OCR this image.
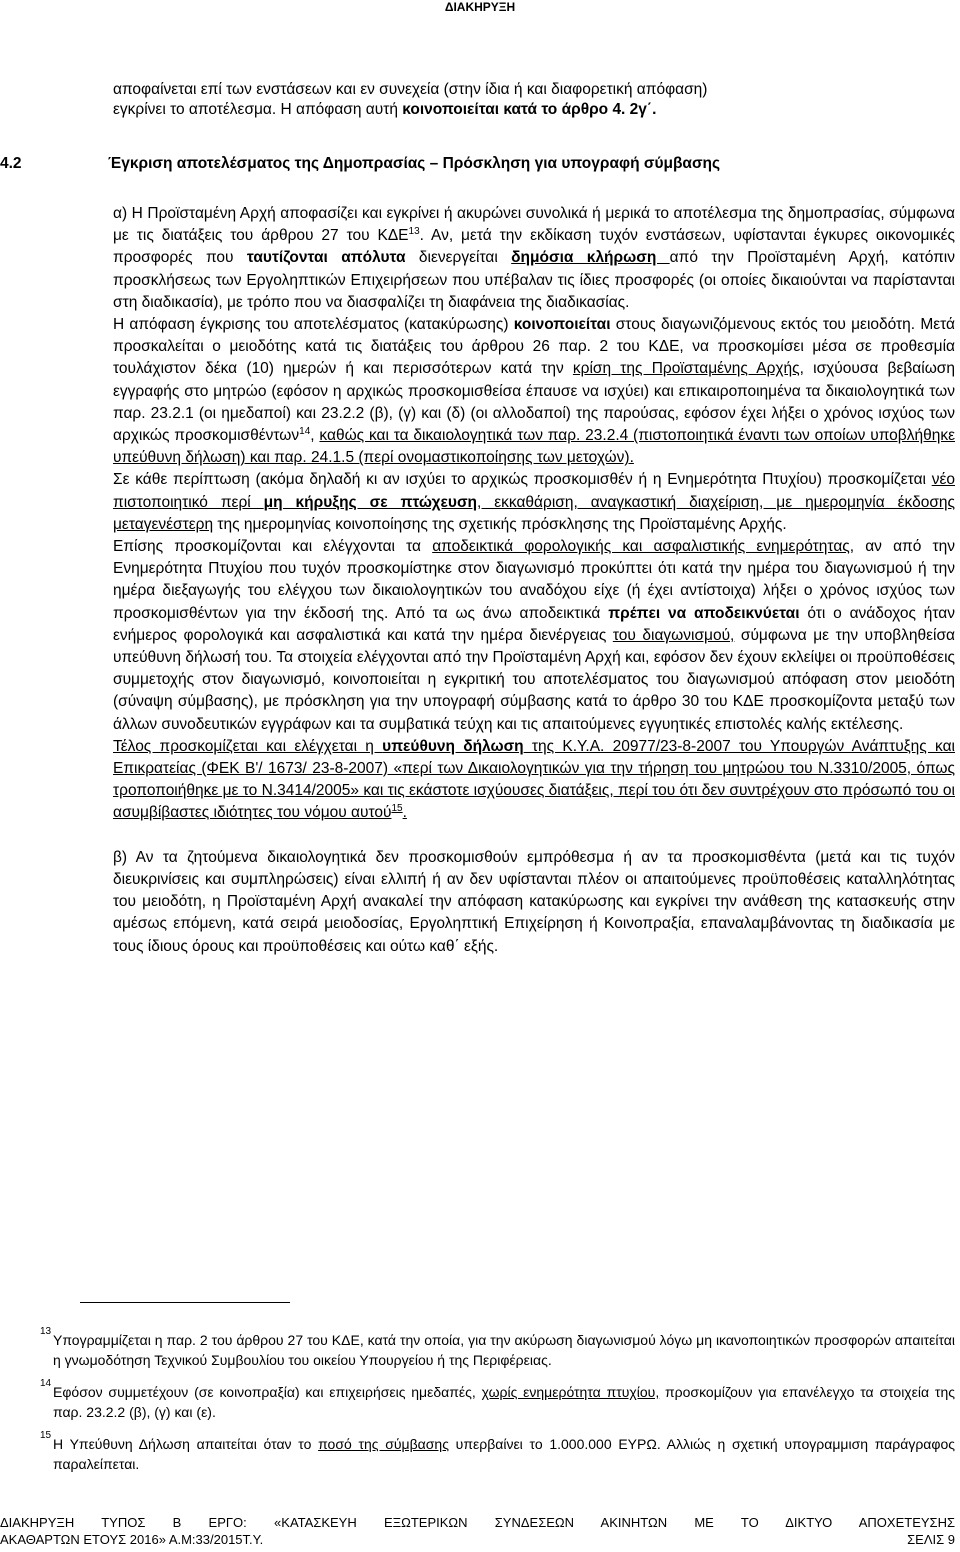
ΔΙΑΚΗΡΥΞΗ
αποφαίνεται επί των ενστάσεων και εν συνεχεία (στην ίδια ή και διαφορετική απόφαση)
εγκρίνει το αποτέλεσμα. Η απόφαση αυτή κοινοποιείται κατά το άρθρο 4. 2γ΄.
4.2	Έγκριση αποτελέσματος της Δημοπρασίας – Πρόσκληση για υπογραφή σύμβασης

α) Η Προϊσταμένη Αρχή αποφασίζει και εγκρίνει ή ακυρώνει συνολικά ή μερικά το αποτέλεσμα της δημοπρασίας, σύμφωνα με τις διατάξεις του άρθρου 27 του ΚΔΕ$^{13}$. Αν, μετά την εκδίκαση τυχόν ενστάσεων, υφίστανται έγκυρες οικονομικές προσφορές που ταυτίζονται απόλυτα διενεργείται δημόσια κλήρωση από την Προϊσταμένη Αρχή, κατόπιν προσκλήσεως των Εργοληπτικών Επιχειρήσεων που υπέβαλαν τις ίδιες προσφορές (οι οποίες δικαιούνται να παρίστανται στη διαδικασία), με τρόπο που να διασφαλίζει τη διαφάνεια της διαδικασίας.

Η απόφαση έγκρισης του αποτελέσματος (κατακύρωσης) κοινοποιείται στους διαγωνιζόμενους εκτός του μειοδότη. Μετά προσκαλείται ο μειοδότης κατά τις διατάξεις του άρθρου 26 παρ. 2 του ΚΔΕ, να προσκομίσει μέσα σε προθεσμία τουλάχιστον δέκα (10) ημερών ή και περισσότερων κατά την κρίση της Προϊσταμένης Αρχής, ισχύουσα βεβαίωση εγγραφής στο μητρώο (εφόσον η αρχικώς προσκομισθείσα έπαυσε να ισχύει) και επικαιροποιημένα τα δικαιολογητικά των παρ. 23.2.1 (οι ημεδαποί) και 23.2.2 (β), (γ) και (δ) (οι αλλοδαποί) της παρούσας, εφόσον έχει λήξει ο χρόνος ισχύος των αρχικώς προσκομισθέντων$^{14}$, καθώς και τα δικαιολογητικά των παρ. 23.2.4 (πιστοποιητικά έναντι των οποίων υποβλήθηκε υπεύθυνη δήλωση) και παρ. 24.1.5 (περί ονομαστικοποίησης των μετοχών).

Σε κάθε περίπτωση (ακόμα δηλαδή κι αν ισχύει το αρχικώς προσκομισθέν ή η Ενημερότητα Πτυχίου) προσκομίζεται νέο πιστοποιητικό περί μη κήρυξης σε πτώχευση, εκκαθάριση, αναγκαστική διαχείριση, με ημερομηνία έκδοσης μεταγενέστερη της ημερομηνίας κοινοποίησης της σχετικής πρόσκλησης της Προϊσταμένης Αρχής.

Επίσης προσκομίζονται και ελέγχονται τα αποδεικτικά φορολογικής και ασφαλιστικής ενημερότητας, αν από την Ενημερότητα Πτυχίου που τυχόν προσκομίστηκε στον διαγωνισμό προκύπτει ότι κατά την ημέρα του διαγωνισμού ή την ημέρα διεξαγωγής του ελέγχου των δικαιολογητικών του αναδόχου είχε (ή έχει αντίστοιχα) λήξει ο χρόνος ισχύος των προσκομισθέντων για την έκδοσή της. Από τα ως άνω αποδεικτικά πρέπει να αποδεικνύεται ότι ο ανάδοχος ήταν ενήμερος φορολογικά και ασφαλιστικά και κατά την ημέρα διενέργειας του διαγωνισμού, σύμφωνα με την υποβληθείσα υπεύθυνη δήλωσή του. Τα στοιχεία ελέγχονται από την Προϊσταμένη Αρχή και, εφόσον δεν έχουν εκλείψει οι προϋποθέσεις συμμετοχής στον διαγωνισμό, κοινοποιείται η εγκριτική του αποτελέσματος του διαγωνισμού απόφαση στον μειοδότη (σύναψη σύμβασης), με πρόσκληση για την υπογραφή σύμβασης κατά το άρθρο 30 του ΚΔΕ προσκομίζοντα μεταξύ των άλλων συνοδευτικών εγγράφων και τα συμβατικά τεύχη και τις απαιτούμενες εγγυητικές επιστολές καλής εκτέλεσης.

Τέλος προσκομίζεται και ελέγχεται η υπεύθυνη δήλωση της Κ.Υ.Α. 20977/23-8-2007 του Υπουργών Ανάπτυξης και Επικρατείας (ΦΕΚ Β'/ 1673/ 23-8-2007) «περί των Δικαιολογητικών για την τήρηση του μητρώου του Ν.3310/2005, όπως τροποποιήθηκε με το Ν.3414/2005» και τις εκάστοτε ισχύουσες διατάξεις, περί του ότι δεν συντρέχουν στο πρόσωπό του οι ασυμβίβαστες ιδιότητες του νόμου αυτού$^{15}$.

β) Αν τα ζητούμενα δικαιολογητικά δεν προσκομισθούν εμπρόθεσμα ή αν τα προσκομισθέντα (μετά και τις τυχόν διευκρινίσεις και συμπληρώσεις) είναι ελλιπή ή αν δεν υφίστανται πλέον οι απαιτούμενες προϋποθέσεις καταλληλότητας του μειοδότη, η Προϊσταμένη Αρχή ανακαλεί την απόφαση κατακύρωσης και εγκρίνει την ανάθεση της κατασκευής στην αμέσως επόμενη, κατά σειρά μειοδοσίας, Εργοληπτική Επιχείρηση ή Κοινοπραξία, επαναλαμβάνοντας τη διαδικασία με τους ίδιους όρους και προϋποθέσεις και ούτω καθ΄ εξής.

13
Υπογραμμίζεται η παρ. 2 του άρθρου 27 του ΚΔΕ, κατά την οποία, για την ακύρωση διαγωνισμού λόγω μη ικανοποιητικών προσφορών απαιτείται η γνωμοδότηση Τεχνικού Συμβουλίου του οικείου Υπουργείου ή της Περιφέρειας.
14
Εφόσον συμμετέχουν (σε κοινοπραξία) και επιχειρήσεις ημεδαπές, χωρίς ενημερότητα πτυχίου, προσκομίζουν για επανέλεγχο τα στοιχεία της παρ. 23.2.2 (β), (γ) και (ε).
15
Η Υπεύθυνη Δήλωση απαιτείται όταν το ποσό της σύμβασης υπερβαίνει το 1.000.000 ΕΥΡΩ. Αλλιώς η σχετική υπογραμμιση παράγραφος παραλείπεται.
ΔΙΑΚΗΡΥΞΗ ΤΥΠΟΣ Β ΕΡΓΟ: «ΚΑΤΑΣΚΕΥΗ ΕΞΩΤΕΡΙΚΩΝ ΣΥΝΔΕΣΕΩΝ ΑΚΙΝΗΤΩΝ ΜΕ ΤΟ ΔΙΚΤΥΟ ΑΠΟΧΕΤΕΥΣΗΣ
ΑΚΑΘΑΡΤΩΝ ΕΤΟΥΣ 2016» Α.Μ:33/2015Τ.Υ.	ΣΕΛΙΣ 9
